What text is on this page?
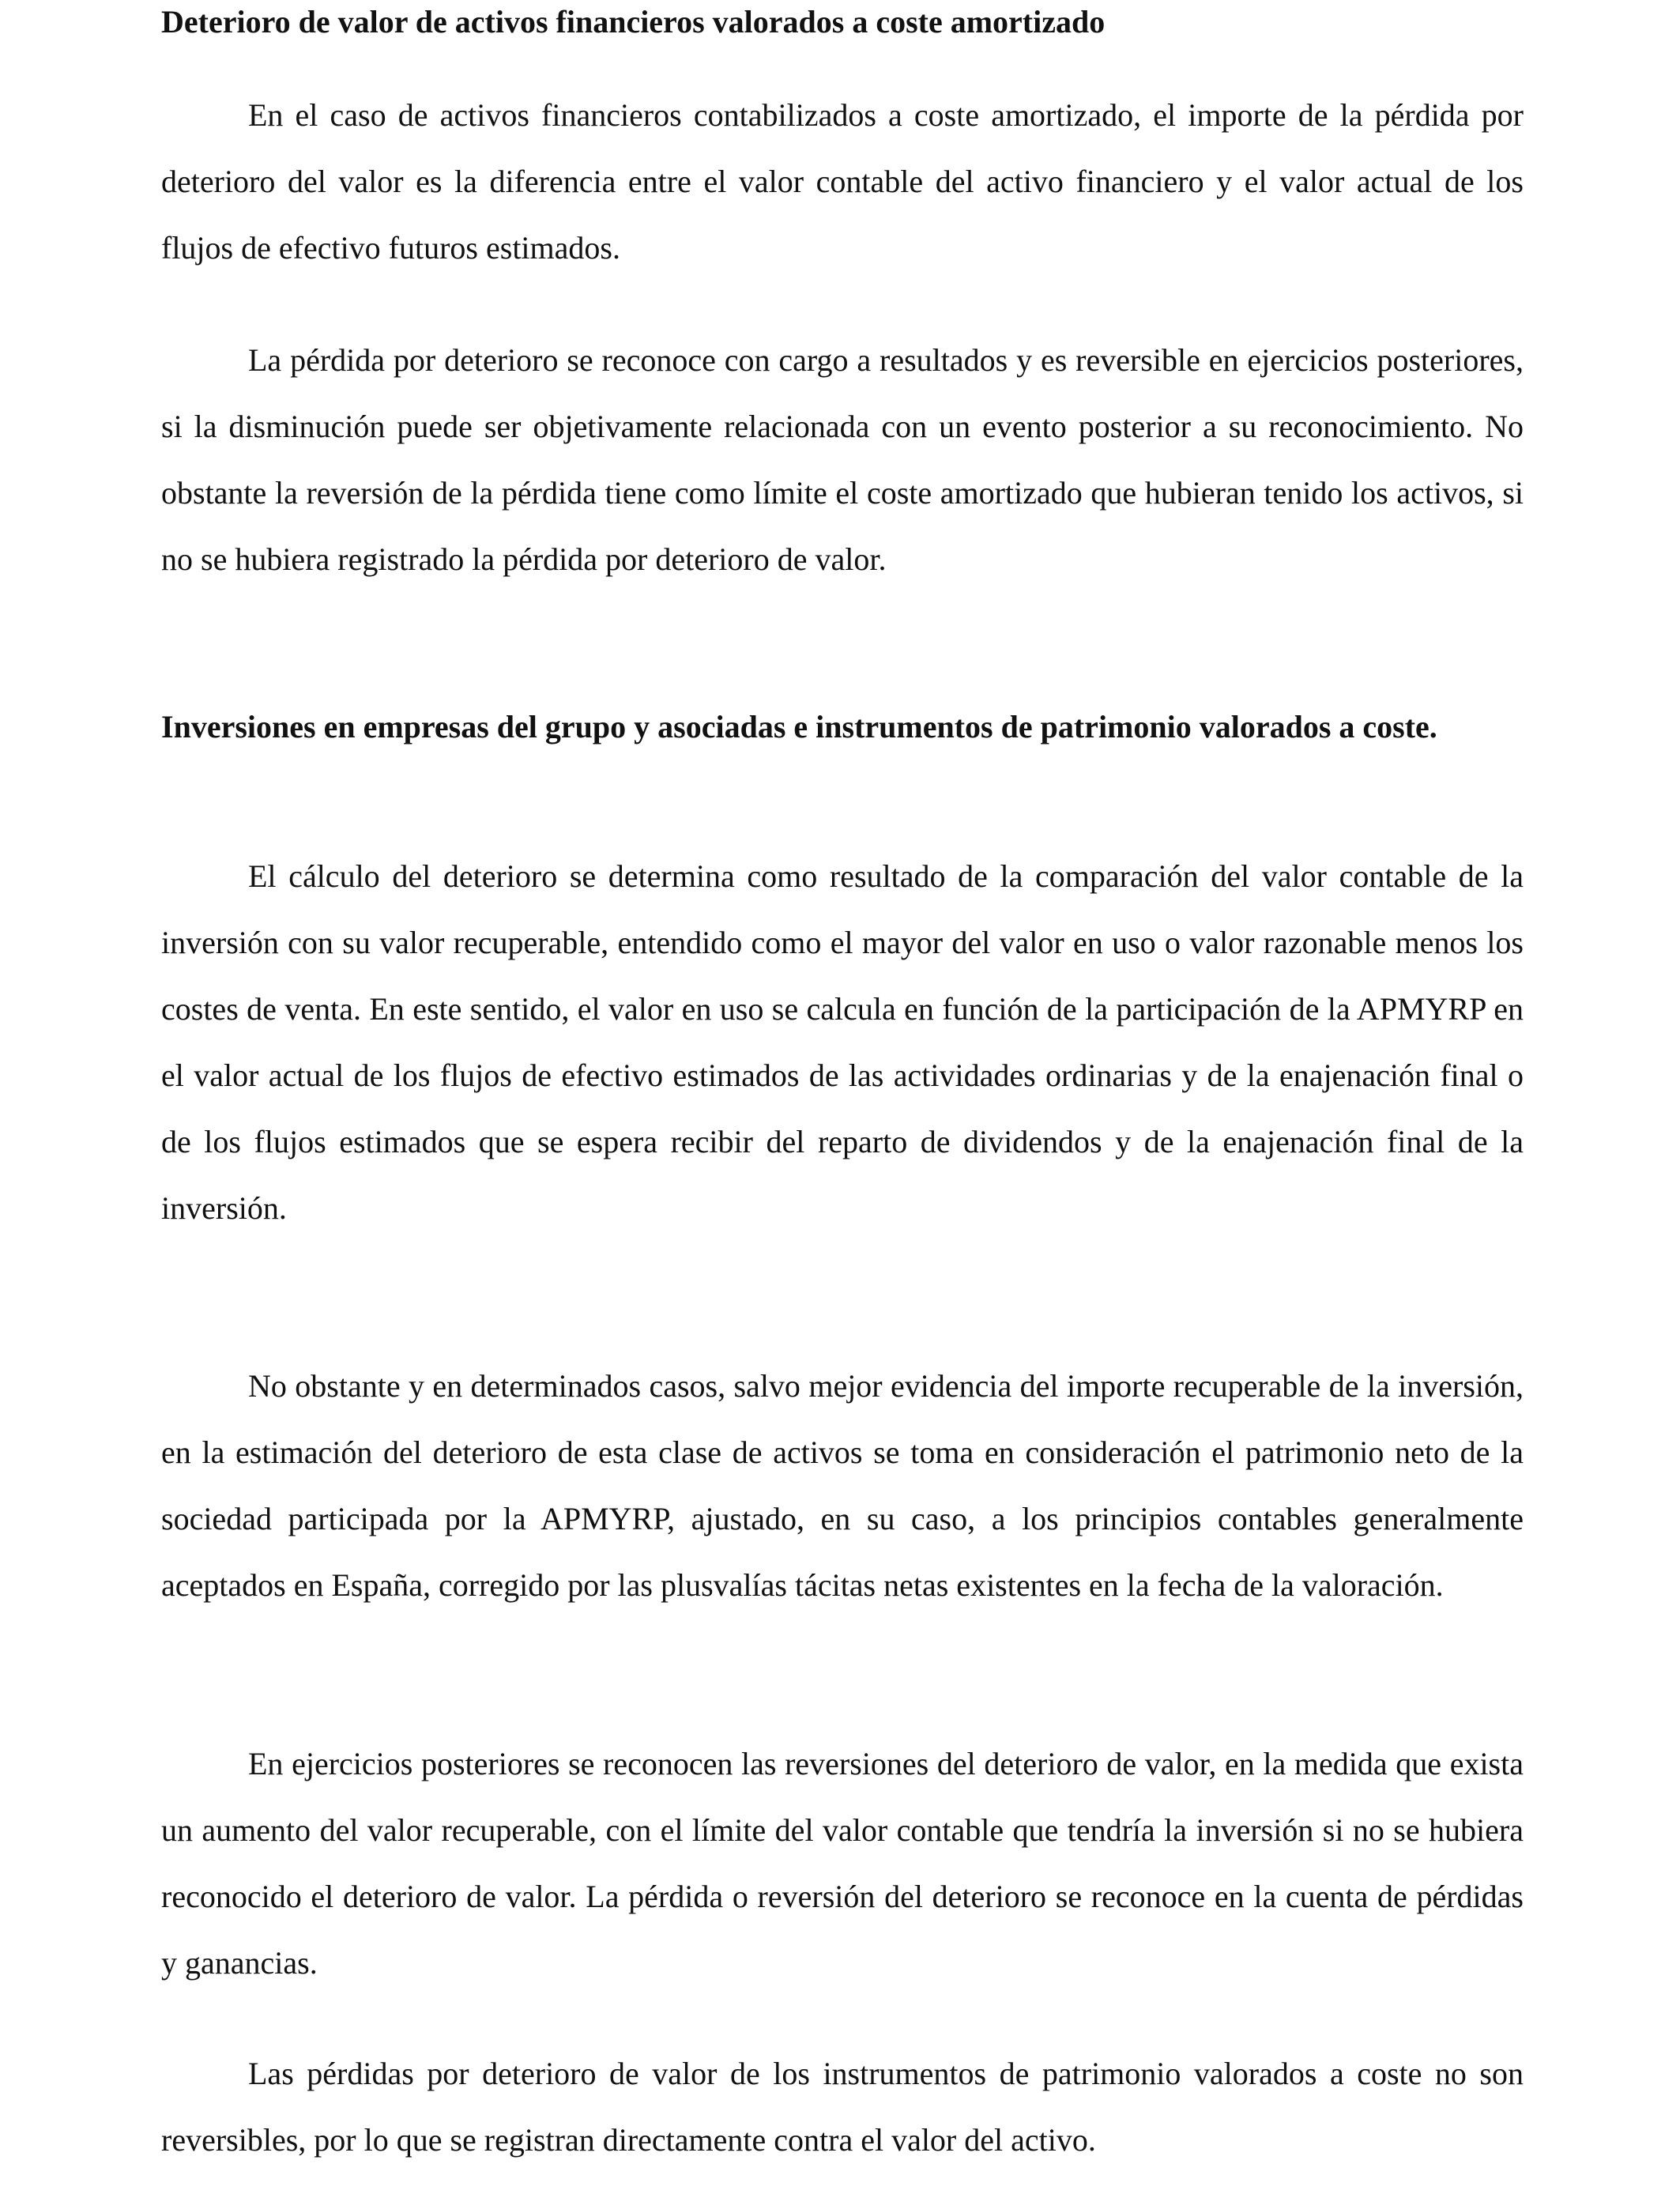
Deterioro de valor de activos financieros valorados a coste amortizado

En el caso de activos financieros contabilizados a coste amortizado, el importe de la pérdida por deterioro del valor es la diferencia entre el valor contable del activo financiero y el valor actual de los flujos de efectivo futuros estimados.

La pérdida por deterioro se reconoce con cargo a resultados y es reversible en ejercicios posteriores, si la disminución puede ser objetivamente relacionada con un evento posterior a su reconocimiento. No obstante la reversión de la pérdida tiene como límite el coste amortizado que hubieran tenido los activos, si no se hubiera registrado la pérdida por deterioro de valor.

Inversiones en empresas del grupo y asociadas e instrumentos de patrimonio valorados a coste.

El cálculo del deterioro se determina como resultado de la comparación del valor contable de la inversión con su valor recuperable, entendido como el mayor del valor en uso o valor razonable menos los costes de venta. En este sentido, el valor en uso se calcula en función de la participación de la APMYRP en el valor actual de los flujos de efectivo estimados de las actividades ordinarias y de la enajenación final o de los flujos estimados que se espera recibir del reparto de dividendos y de la enajenación final de la inversión.

No obstante y en determinados casos, salvo mejor evidencia del importe recuperable de la inversión, en la estimación del deterioro de esta clase de activos se toma en consideración el patrimonio neto de la sociedad participada por la APMYRP, ajustado, en su caso, a los principios contables generalmente aceptados en España, corregido por las plusvalías tácitas netas existentes en la fecha de la valoración.

En ejercicios posteriores se reconocen las reversiones del deterioro de valor, en la medida que exista un aumento del valor recuperable, con el límite del valor contable que tendría la inversión si no se hubiera reconocido el deterioro de valor. La pérdida o reversión del deterioro se reconoce en la cuenta de pérdidas y ganancias.

Las pérdidas por deterioro de valor de los instrumentos de patrimonio valorados a coste no son reversibles, por lo que se registran directamente contra el valor del activo.
